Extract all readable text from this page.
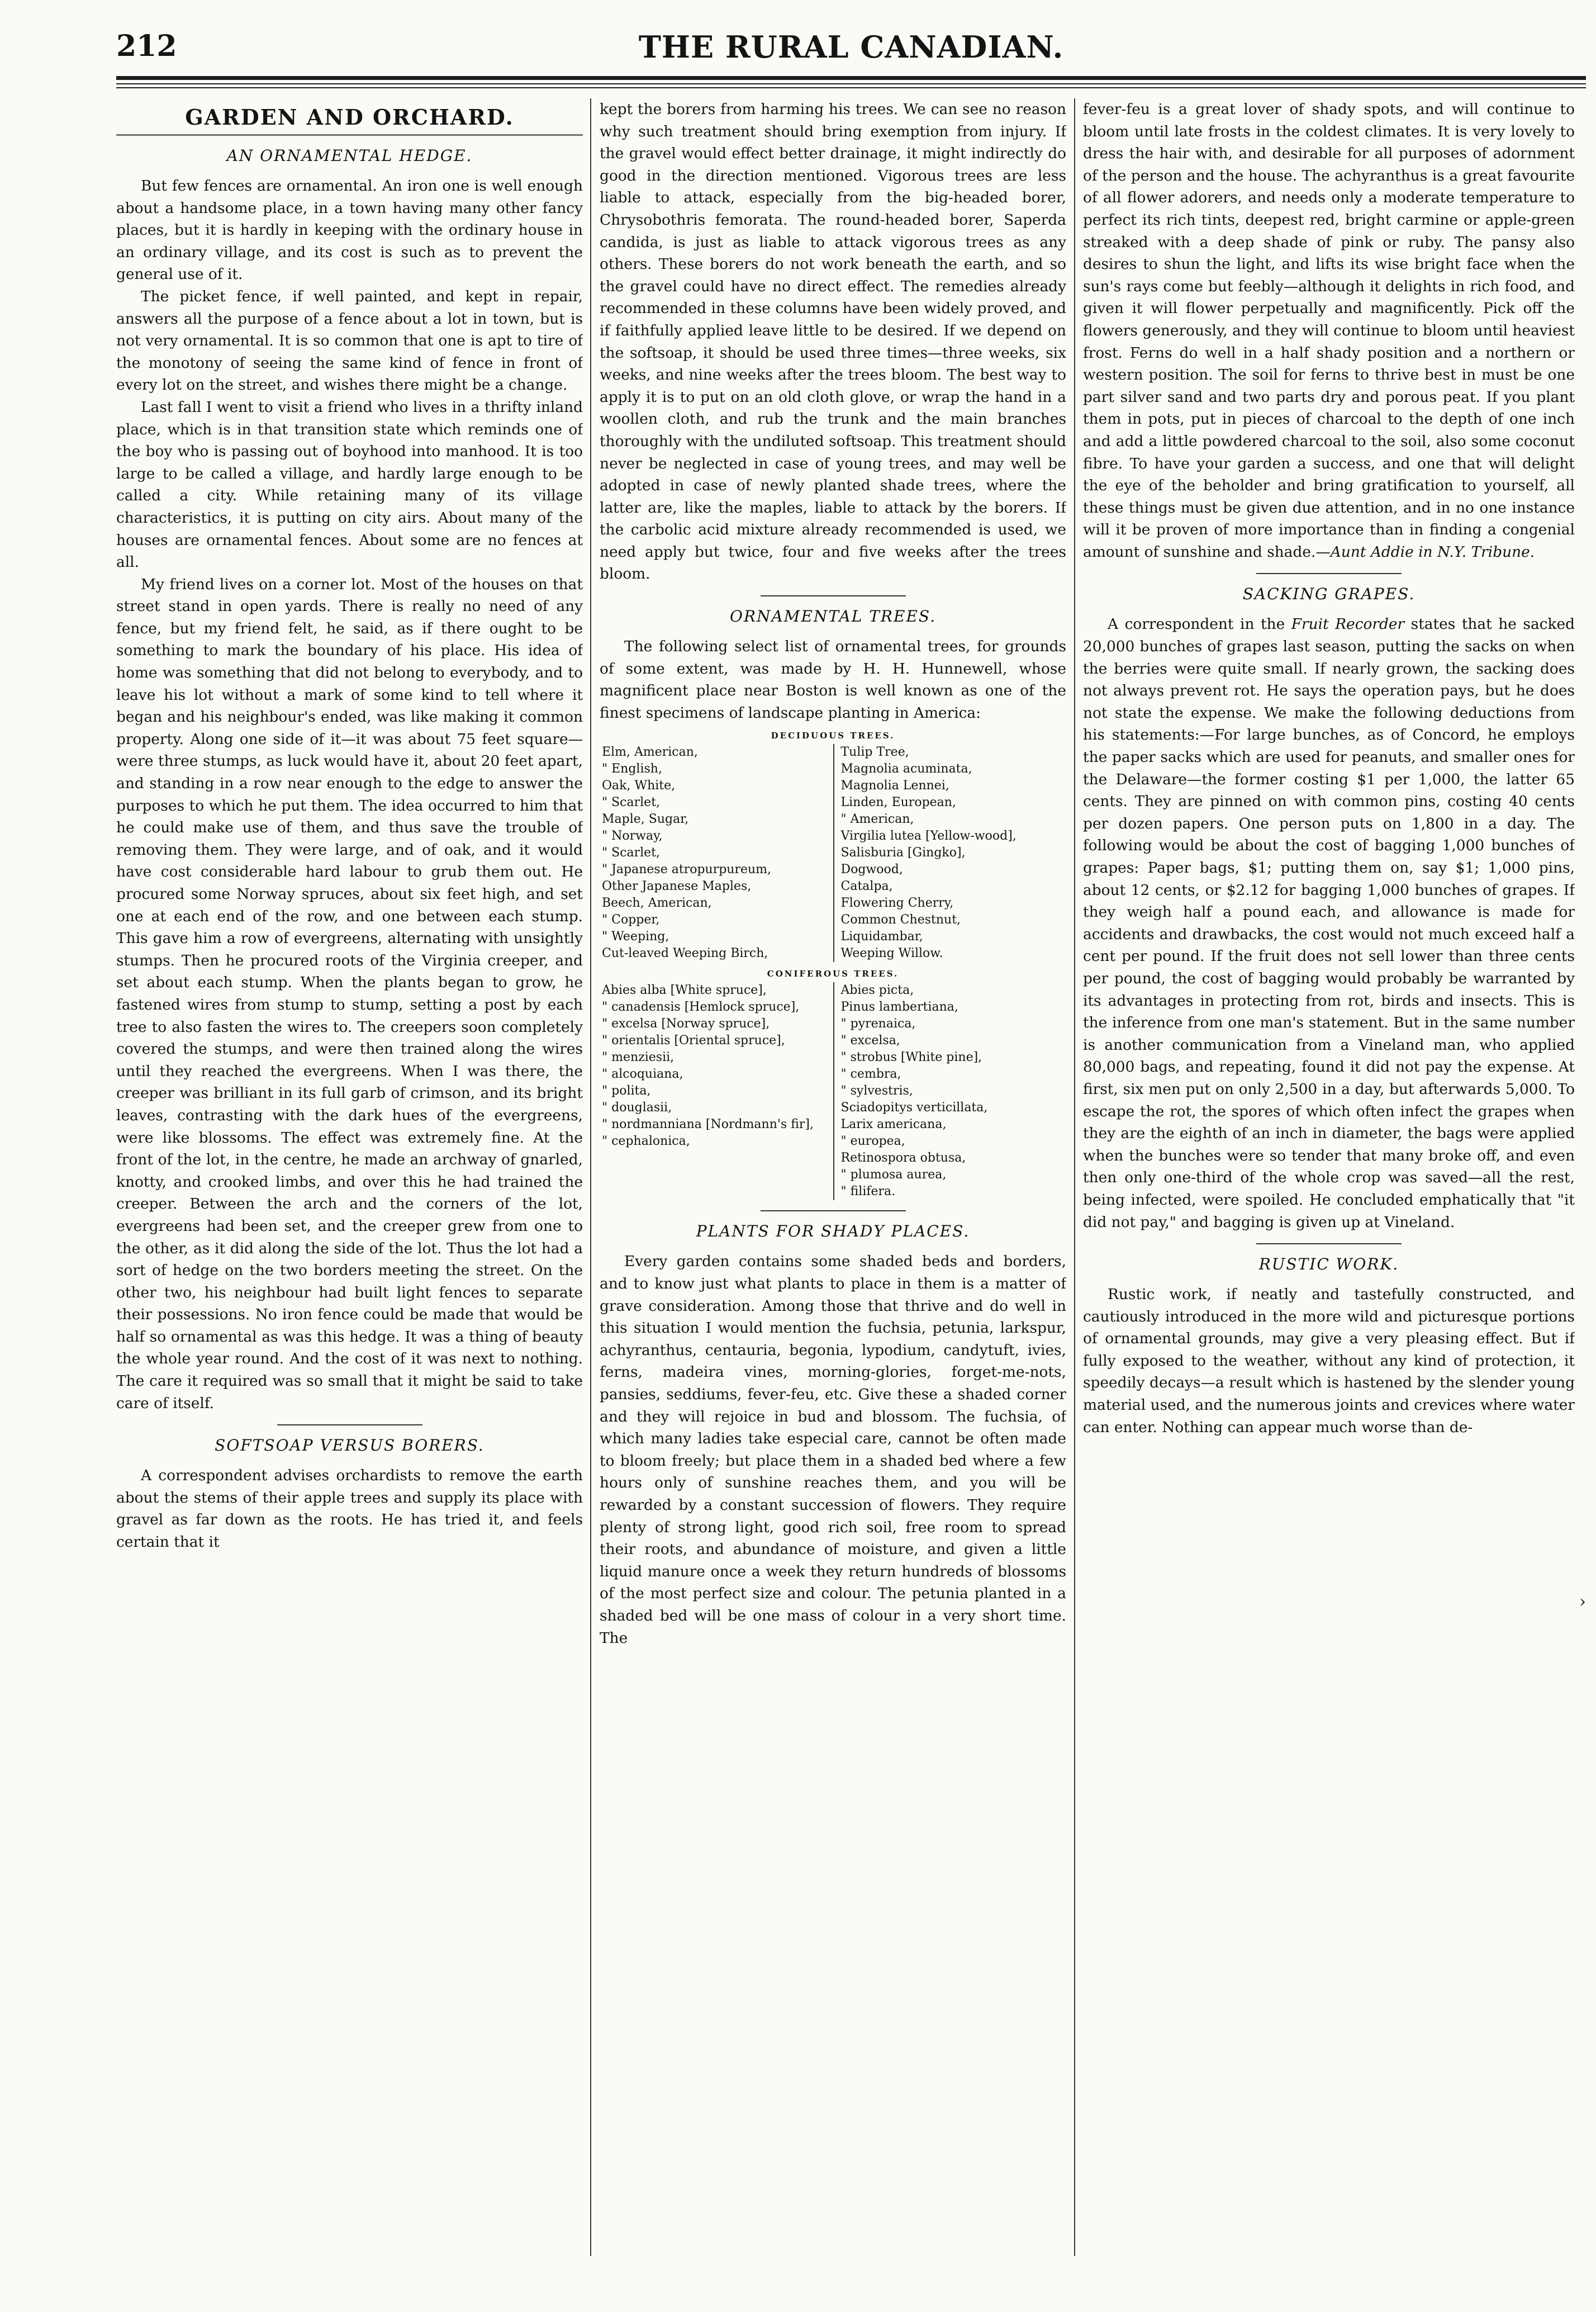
212	THE RURAL CANADIAN.
GARDEN AND ORCHARD.
AN ORNAMENTAL HEDGE.

But few fences are ornamental. An iron one is well enough about a handsome place, in a town having many other fancy places, but it is hardly in keeping with the ordinary house in an ordinary village, and its cost is such as to prevent the general use of it.

The picket fence, if well painted, and kept in repair, answers all the purpose of a fence about a lot in town, but is not very ornamental. It is so common that one is apt to tire of the monotony of seeing the same kind of fence in front of every lot on the street, and wishes there might be a change.

Last fall I went to visit a friend who lives in a thrifty inland place, which is in that transition state which reminds one of the boy who is passing out of boyhood into manhood. It is too large to be called a village, and hardly large enough to be called a city. While retaining many of its village characteristics, it is putting on city airs. About many of the houses are ornamental fences. About some are no fences at all.

My friend lives on a corner lot. Most of the houses on that street stand in open yards. There is really no need of any fence, but my friend felt, he said, as if there ought to be something to mark the boundary of his place. His idea of home was something that did not belong to everybody, and to leave his lot without a mark of some kind to tell where it began and his neighbour's ended, was like making it common property. Along one side of it—it was about 75 feet square—were three stumps, as luck would have it, about 20 feet apart, and standing in a row near enough to the edge to answer the purposes to which he put them. The idea occurred to him that he could make use of them, and thus save the trouble of removing them. They were large, and of oak, and it would have cost considerable hard labour to grub them out. He procured some Norway spruces, about six feet high, and set one at each end of the row, and one between each stump. This gave him a row of evergreens, alternating with unsightly stumps. Then he procured roots of the Virginia creeper, and set about each stump. When the plants began to grow, he fastened wires from stump to stump, setting a post by each tree to also fasten the wires to. The creepers soon completely covered the stumps, and were then trained along the wires until they reached the evergreens. When I was there, the creeper was brilliant in its full garb of crimson, and its bright leaves, contrasting with the dark hues of the evergreens, were like blossoms. The effect was extremely fine. At the front of the lot, in the centre, he made an archway of gnarled, knotty, and crooked limbs, and over this he had trained the creeper. Between the arch and the corners of the lot, evergreens had been set, and the creeper grew from one to the other, as it did along the side of the lot. Thus the lot had a sort of hedge on the two borders meeting the street. On the other two, his neighbour had built light fences to separate their possessions. No iron fence could be made that would be half so ornamental as was this hedge. It was a thing of beauty the whole year round. And the cost of it was next to nothing. The care it required was so small that it might be said to take care of itself.

SOFTSOAP VERSUS BORERS.

A correspondent advises orchardists to remove the earth about the stems of their apple trees and supply its place with gravel as far down as the roots. He has tried it, and feels certain that it

kept the borers from harming his trees. We can see no reason why such treatment should bring exemption from injury. If the gravel would effect better drainage, it might indirectly do good in the direction mentioned. Vigorous trees are less liable to attack, especially from the big-headed borer, Chrysobothris femorata. The round-headed borer, Saperda candida, is just as liable to attack vigorous trees as any others. These borers do not work beneath the earth, and so the gravel could have no direct effect. The remedies already recommended in these columns have been widely proved, and if faithfully applied leave little to be desired. If we depend on the softsoap, it should be used three times—three weeks, six weeks, and nine weeks after the trees bloom. The best way to apply it is to put on an old cloth glove, or wrap the hand in a woollen cloth, and rub the trunk and the main branches thoroughly with the undiluted softsoap. This treatment should never be neglected in case of young trees, and may well be adopted in case of newly planted shade trees, where the latter are, like the maples, liable to attack by the borers. If the carbolic acid mixture already recommended is used, we need apply but twice, four and five weeks after the trees bloom.

ORNAMENTAL TREES.

The following select list of ornamental trees, for grounds of some extent, was made by H. H. Hunnewell, whose magnificent place near Boston is well known as one of the finest specimens of landscape planting in America:

DECIDUOUS TREES.
Elm, American,
" English,
Oak, White,
" Scarlet,
Maple, Sugar,
" Norway,
" Scarlet,
" Japanese atropurpureum,
Other Japanese Maples,
Beech, American,
" Copper,
" Weeping,
Cut-leaved Weeping Birch,
Tulip Tree,
Magnolia acuminata,
Magnolia Lennei,
Linden, European,
" American,
Virgilia lutea [Yellow-wood],
Salisburia [Gingko],
Dogwood,
Catalpa,
Flowering Cherry,
Common Chestnut,
Liquidambar,
Weeping Willow.
CONIFEROUS TREES.
Abies alba [White spruce],
" canadensis [Hemlock spruce],
" excelsa [Norway spruce],
" orientalis [Oriental spruce],
" menziesii,
" alcoquiana,
" polita,
" douglasii,
" nordmanniana [Nordmann's fir],
" cephalonica,
Abies picta,
Pinus lambertiana,
" pyrenaica,
" excelsa,
" strobus [White pine],
" cembra,
" sylvestris,
Sciadopitys verticillata,
Larix americana,
" europea,
Retinospora obtusa,
" plumosa aurea,
" filifera.
PLANTS FOR SHADY PLACES.

Every garden contains some shaded beds and borders, and to know just what plants to place in them is a matter of grave consideration. Among those that thrive and do well in this situation I would mention the fuchsia, petunia, larkspur, achyranthus, centauria, begonia, lypodium, candytuft, ivies, ferns, madeira vines, morning-glories, forget-me-nots, pansies, seddiums, fever-feu, etc. Give these a shaded corner and they will rejoice in bud and blossom. The fuchsia, of which many ladies take especial care, cannot be often made to bloom freely; but place them in a shaded bed where a few hours only of sunshine reaches them, and you will be rewarded by a constant succession of flowers. They require plenty of strong light, good rich soil, free room to spread their roots, and abundance of moisture, and given a little liquid manure once a week they return hundreds of blossoms of the most perfect size and colour. The petunia planted in a shaded bed will be one mass of colour in a very short time. The

fever-feu is a great lover of shady spots, and will continue to bloom until late frosts in the coldest climates. It is very lovely to dress the hair with, and desirable for all purposes of adornment of the person and the house. The achyranthus is a great favourite of all flower adorers, and needs only a moderate temperature to perfect its rich tints, deepest red, bright carmine or apple-green streaked with a deep shade of pink or ruby. The pansy also desires to shun the light, and lifts its wise bright face when the sun's rays come but feebly—although it delights in rich food, and given it will flower perpetually and magnificently. Pick off the flowers generously, and they will continue to bloom until heaviest frost. Ferns do well in a half shady position and a northern or western position. The soil for ferns to thrive best in must be one part silver sand and two parts dry and porous peat. If you plant them in pots, put in pieces of charcoal to the depth of one inch and add a little powdered charcoal to the soil, also some coconut fibre. To have your garden a success, and one that will delight the eye of the beholder and bring gratification to yourself, all these things must be given due attention, and in no one instance will it be proven of more importance than in finding a congenial amount of sunshine and shade.—Aunt Addie in N.Y. Tribune.

SACKING GRAPES.

A correspondent in the Fruit Recorder states that he sacked 20,000 bunches of grapes last season, putting the sacks on when the berries were quite small. If nearly grown, the sacking does not always prevent rot. He says the operation pays, but he does not state the expense. We make the following deductions from his statements:—For large bunches, as of Concord, he employs the paper sacks which are used for peanuts, and smaller ones for the Delaware—the former costing $1 per 1,000, the latter 65 cents. They are pinned on with common pins, costing 40 cents per dozen papers. One person puts on 1,800 in a day. The following would be about the cost of bagging 1,000 bunches of grapes: Paper bags, $1; putting them on, say $1; 1,000 pins, about 12 cents, or $2.12 for bagging 1,000 bunches of grapes. If they weigh half a pound each, and allowance is made for accidents and drawbacks, the cost would not much exceed half a cent per pound. If the fruit does not sell lower than three cents per pound, the cost of bagging would probably be warranted by its advantages in protecting from rot, birds and insects. This is the inference from one man's statement. But in the same number is another communication from a Vineland man, who applied 80,000 bags, and repeating, found it did not pay the expense. At first, six men put on only 2,500 in a day, but afterwards 5,000. To escape the rot, the spores of which often infect the grapes when they are the eighth of an inch in diameter, the bags were applied when the bunches were so tender that many broke off, and even then only one-third of the whole crop was saved—all the rest, being infected, were spoiled. He concluded emphatically that "it did not pay," and bagging is given up at Vineland.

RUSTIC WORK.

Rustic work, if neatly and tastefully constructed, and cautiously introduced in the more wild and picturesque portions of ornamental grounds, may give a very pleasing effect. But if fully exposed to the weather, without any kind of protection, it speedily decays—a result which is hastened by the slender young material used, and the numerous joints and crevices where water can enter. Nothing can appear much worse than de-

›
